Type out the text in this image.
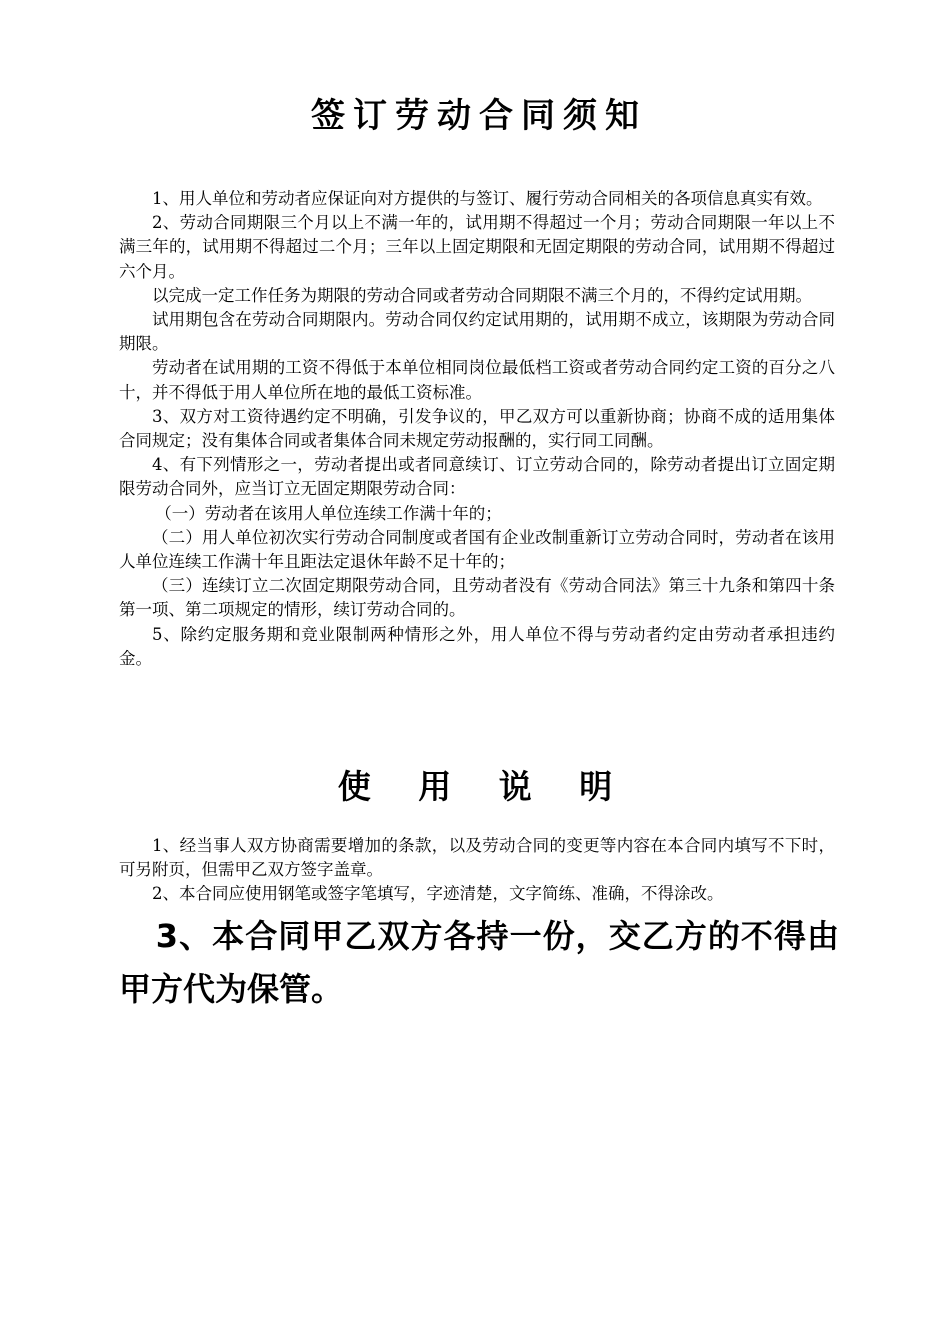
签订劳动合同须知

1、用人单位和劳动者应保证向对方提供的与签订、履行劳动合同相关的各项信息真实有效。

2、劳动合同期限三个月以上不满一年的，试用期不得超过一个月；劳动合同期限一年以上不满三年的，试用期不得超过二个月；三年以上固定期限和无固定期限的劳动合同，试用期不得超过六个月。

以完成一定工作任务为期限的劳动合同或者劳动合同期限不满三个月的，不得约定试用期。

试用期包含在劳动合同期限内。劳动合同仅约定试用期的，试用期不成立，该期限为劳动合同期限。

劳动者在试用期的工资不得低于本单位相同岗位最低档工资或者劳动合同约定工资的百分之八十，并不得低于用人单位所在地的最低工资标准。

3、双方对工资待遇约定不明确，引发争议的，甲乙双方可以重新协商；协商不成的适用集体合同规定；没有集体合同或者集体合同未规定劳动报酬的，实行同工同酬。

4、有下列情形之一，劳动者提出或者同意续订、订立劳动合同的，除劳动者提出订立固定期限劳动合同外，应当订立无固定期限劳动合同：

（一）劳动者在该用人单位连续工作满十年的；

（二）用人单位初次实行劳动合同制度或者国有企业改制重新订立劳动合同时，劳动者在该用人单位连续工作满十年且距法定退休年龄不足十年的；

（三）连续订立二次固定期限劳动合同，且劳动者没有《劳动合同法》第三十九条和第四十条第一项、第二项规定的情形，续订劳动合同的。

5、除约定服务期和竞业限制两种情形之外，用人单位不得与劳动者约定由劳动者承担违约金。

使 用 说 明

1、经当事人双方协商需要增加的条款，以及劳动合同的变更等内容在本合同内填写不下时，可另附页，但需甲乙双方签字盖章。

2、本合同应使用钢笔或签字笔填写，字迹清楚，文字简练、准确，不得涂改。

3、本合同甲乙双方各持一份，交乙方的不得由甲方代为保管。
